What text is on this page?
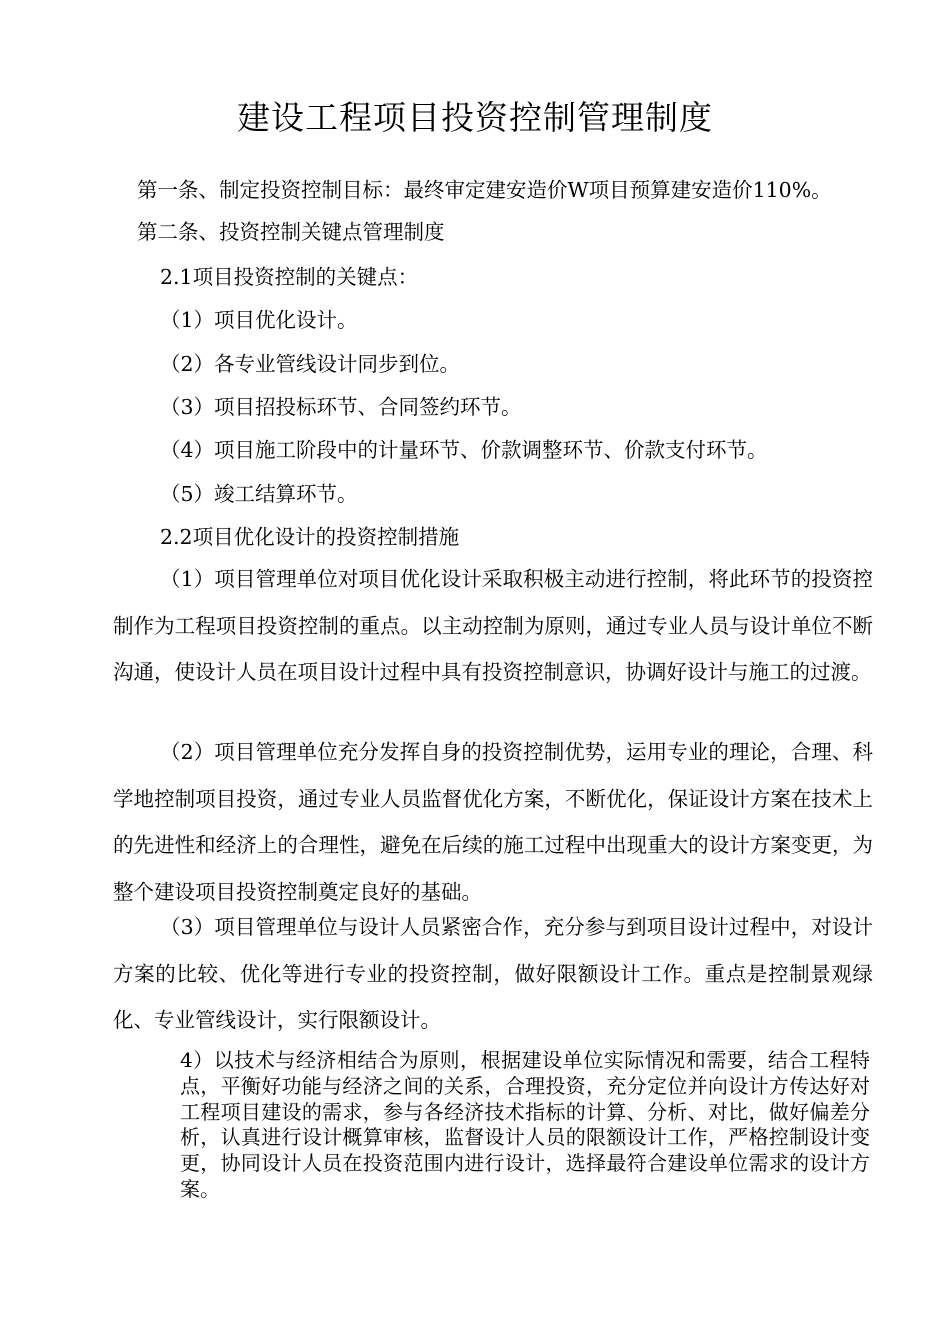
建设工程项目投资控制管理制度

第一条、制定投资控制目标：最终审定建安造价W项目预算建安造价110%。

第二条、投资控制关键点管理制度

2.1项目投资控制的关键点：

（1）项目优化设计。

（2）各专业管线设计同步到位。

（3）项目招投标环节、合同签约环节。

（4）项目施工阶段中的计量环节、价款调整环节、价款支付环节。

（5）竣工结算环节。

2.2项目优化设计的投资控制措施

（1）项目管理单位对项目优化设计采取积极主动进行控制，将此环节的投资控制作为工程项目投资控制的重点。以主动控制为原则，通过专业人员与设计单位不断沟通，使设计人员在项目设计过程中具有投资控制意识，协调好设计与施工的过渡。

（2）项目管理单位充分发挥自身的投资控制优势，运用专业的理论，合理、科学地控制项目投资，通过专业人员监督优化方案，不断优化，保证设计方案在技术上的先进性和经济上的合理性，避免在后续的施工过程中出现重大的设计方案变更，为整个建设项目投资控制奠定良好的基础。

（3）项目管理单位与设计人员紧密合作，充分参与到项目设计过程中，对设计方案的比较、优化等进行专业的投资控制，做好限额设计工作。重点是控制景观绿化、专业管线设计，实行限额设计。

4）以技术与经济相结合为原则，根据建设单位实际情况和需要，结合工程特点，平衡好功能与经济之间的关系，合理投资，充分定位并向设计方传达好对工程项目建设的需求，参与各经济技术指标的计算、分析、对比，做好偏差分析，认真进行设计概算审核，监督设计人员的限额设计工作，严格控制设计变更，协同设计人员在投资范围内进行设计，选择最符合建设单位需求的设计方案。
